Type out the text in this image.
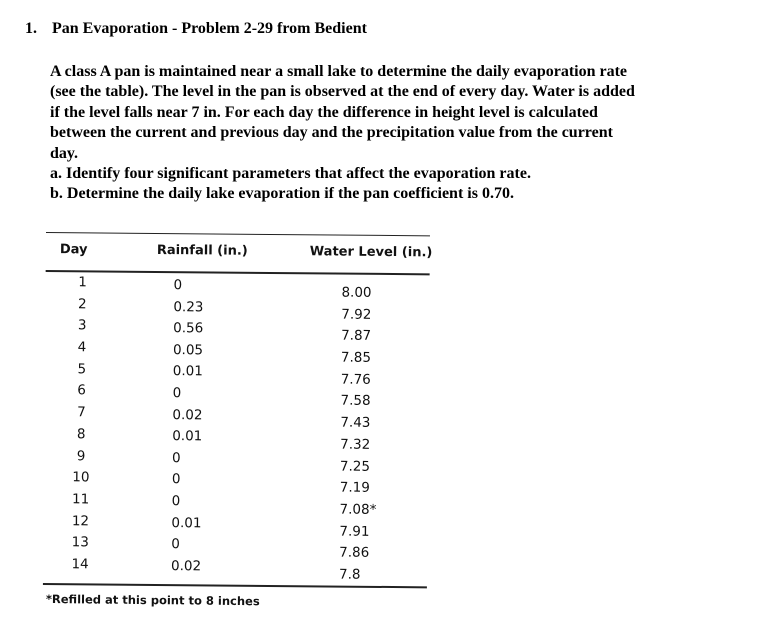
1. Pan Evaporation - Problem 2-29 from Bedient
A class A pan is maintained near a small lake to determine the daily evaporation rate
(see the table). The level in the pan is observed at the end of every day. Water is added
if the level falls near 7 in. For each day the difference in height level is calculated
between the current and previous day and the precipitation value from the current
day.
a. Identify four significant parameters that affect the evaporation rate.
b. Determine the daily lake evaporation if the pan coefficient is 0.70.
Day	Rainfall (in.)	Water Level (in.)
1
2
3
4
5
6
7
8
9
10
11
12
13
14
0
0.23
0.56
0.05
0.01
0
0.02
0.01
0
0
0
0.01
0
0.02
8.00
7.92
7.87
7.85
7.76
7.58
7.43
7.32
7.25
7.19
7.08*
7.91
7.86
7.8
*Refilled at this point to 8 inches
